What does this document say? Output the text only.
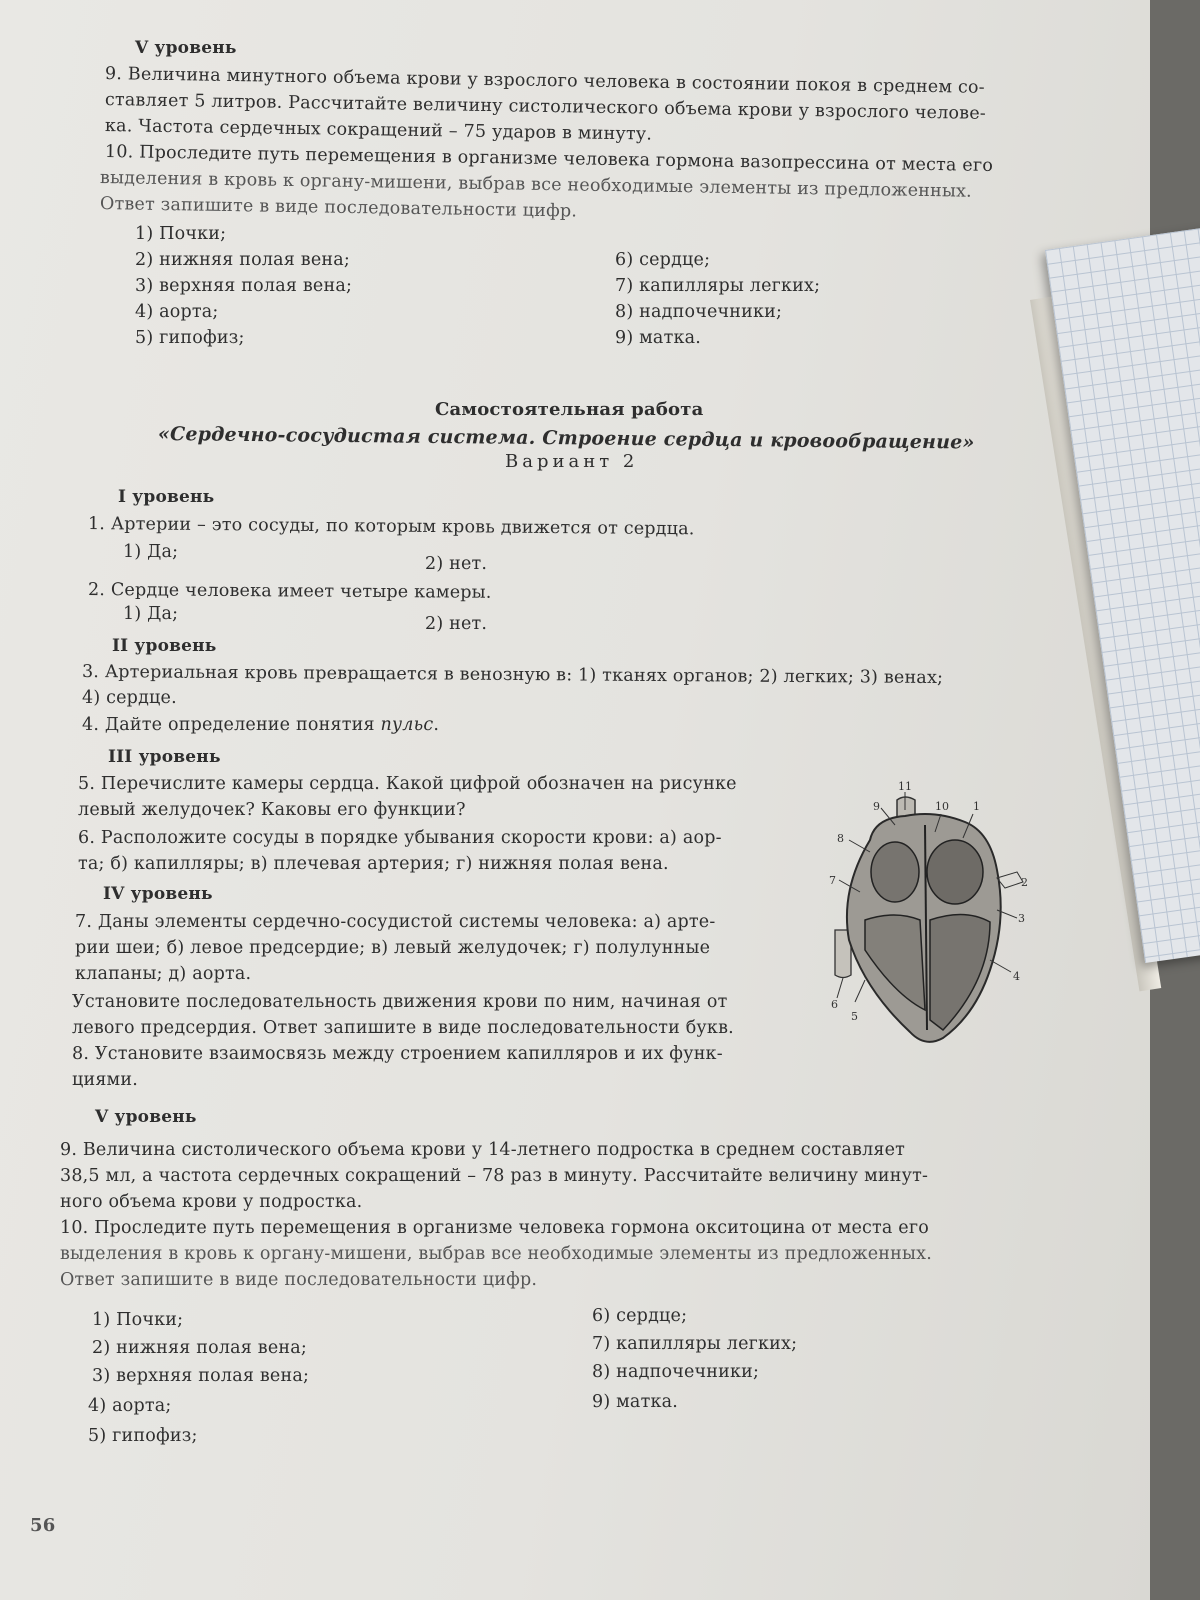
V уровень

9. Величина минутного объема крови у взрослого человека в состоянии покоя в среднем со-

ставляет 5 литров. Рассчитайте величину систолического объема крови у взрослого челове-

ка. Частота сердечных сокращений – 75 ударов в минуту.

10. Проследите путь перемещения в организме человека гормона вазопрессина от места его

выделения в кровь к органу-мишени, выбрав все необходимые элементы из предложенных.

Ответ запишите в виде последовательности цифр.

1) Почки;

2) нижняя полая вена;

3) верхняя полая вена;

4) аорта;

5) гипофиз;

6) сердце;

7) капилляры легких;

8) надпочечники;

9) матка.

Самостоятельная работа

«Сердечно-сосудистая система. Строение сердца и кровообращение»

Вариант 2

I уровень

1. Артерии – это сосуды, по которым кровь движется от сердца.

1) Да;

2) нет.

2. Сердце человека имеет четыре камеры.

1) Да;	2) нет.

II уровень

3. Артериальная кровь превращается в венозную в: 1) тканях органов; 2) легких; 3) венах;

4) сердце.

4. Дайте определение понятия пульс.

III уровень

5. Перечислите камеры сердца. Какой цифрой обозначен на рисунке

левый желудочек? Каковы его функции?

6. Расположите сосуды в порядке убывания скорости крови: а) аор-

та; б) капилляры; в) плечевая артерия; г) нижняя полая вена.

IV уровень

7. Даны элементы сердечно-сосудистой системы человека: а) арте-

рии шеи; б) левое предсердие; в) левый желудочек; г) полулунные

клапаны; д) аорта.

Установите последовательность движения крови по ним, начиная от

левого предсердия. Ответ запишите в виде последовательности букв.

8. Установите взаимосвязь между строением капилляров и их функ-

циями.

1
2
3
4
5
6
7
8
9	10
11

V уровень

9. Величина систолического объема крови у 14-летнего подростка в среднем составляет

38,5 мл, а частота сердечных сокращений – 78 раз в минуту. Рассчитайте величину минут-

ного объема крови у подростка.

10. Проследите путь перемещения в организме человека гормона окситоцина от места его

выделения в кровь к органу-мишени, выбрав все необходимые элементы из предложенных.

Ответ запишите в виде последовательности цифр.

1) Почки;

2) нижняя полая вена;

3) верхняя полая вена;

4) аорта;

5) гипофиз;

6) сердце;

7) капилляры легких;

8) надпочечники;

9) матка.

56
